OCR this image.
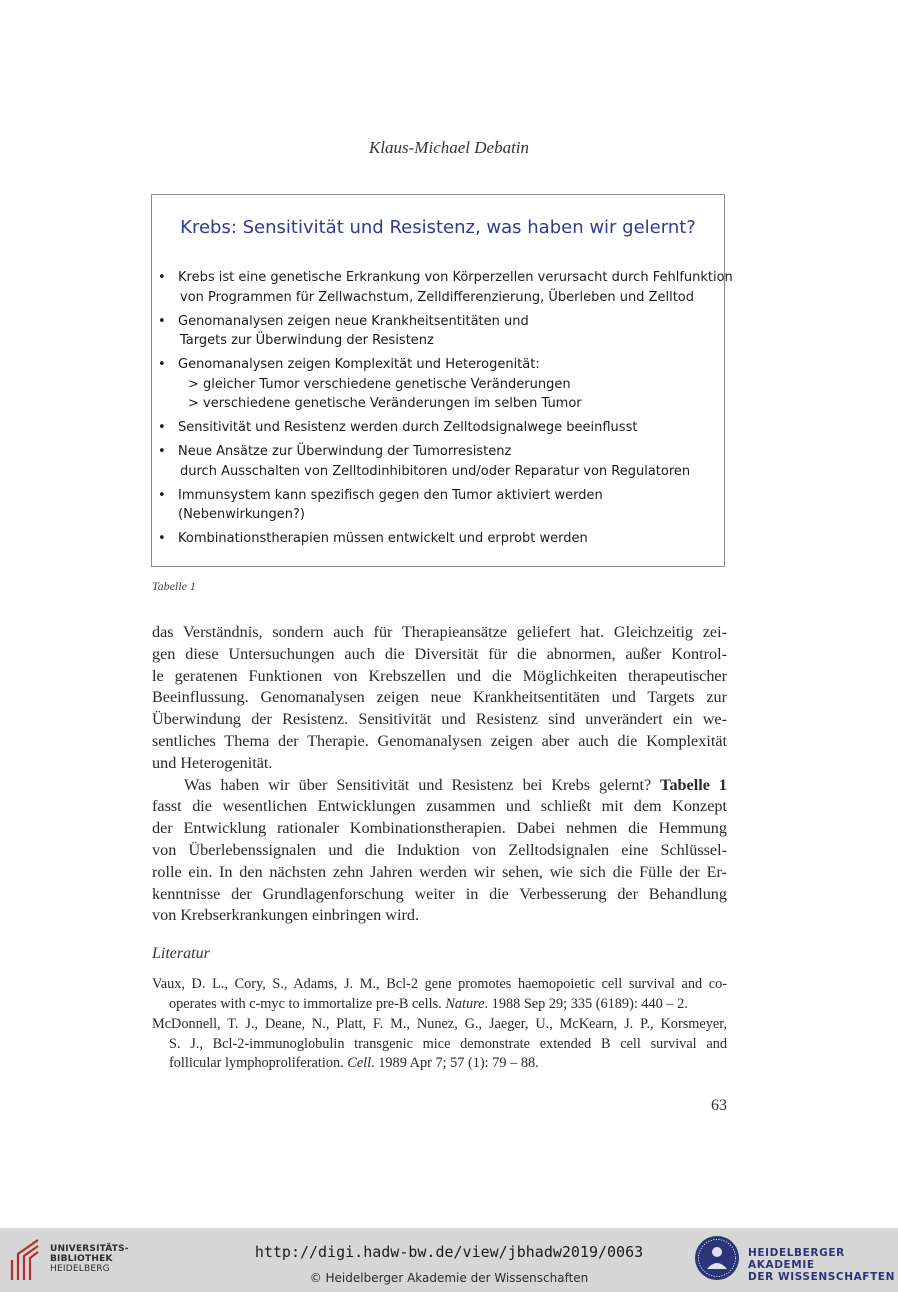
Klaus-Michael Debatin
Krebs: Sensitivität und Resistenz, was haben wir gelernt?
• Krebs ist eine genetische Erkrankung von Körperzellen verursacht durch Fehlfunktion
von Programmen für Zellwachstum, Zelldifferenzierung, Überleben und Zelltod
• Genomanalysen zeigen neue Krankheitsentitäten und
Targets zur Überwindung der Resistenz
• Genomanalysen zeigen Komplexität und Heterogenität:
> gleicher Tumor verschiedene genetische Veränderungen
> verschiedene genetische Veränderungen im selben Tumor
• Sensitivität und Resistenz werden durch Zelltodsignalwege beeinflusst
• Neue Ansätze zur Überwindung der Tumorresistenz
durch Ausschalten von Zelltodinhibitoren und/oder Reparatur von Regulatoren
• Immunsystem kann spezifisch gegen den Tumor aktiviert werden
(Nebenwirkungen?)
• Kombinationstherapien müssen entwickelt und erprobt werden
Tabelle 1
das Verständnis, sondern auch für Therapieansätze geliefert hat. Gleichzeitig zei-
gen diese Untersuchungen auch die Diversität für die abnormen, außer Kontrol-
le geratenen Funktionen von Krebszellen und die Möglichkeiten therapeutischer
Beeinflussung. Genomanalysen zeigen neue Krankheitsentitäten und Targets zur
Überwindung der Resistenz. Sensitivität und Resistenz sind unverändert ein we-
sentliches Thema der Therapie. Genomanalysen zeigen aber auch die Komplexität
und Heterogenität.
Was haben wir über Sensitivität und Resistenz bei Krebs gelernt? Tabelle 1
fasst die wesentlichen Entwicklungen zusammen und schließt mit dem Konzept
der Entwicklung rationaler Kombinationstherapien. Dabei nehmen die Hemmung
von Überlebenssignalen und die Induktion von Zelltodsignalen eine Schlüssel-
rolle ein. In den nächsten zehn Jahren werden wir sehen, wie sich die Fülle der Er-
kenntnisse der Grundlagenforschung weiter in die Verbesserung der Behandlung
von Krebserkrankungen einbringen wird.
Literatur
Vaux, D. L., Cory, S., Adams, J. M., Bcl-2 gene promotes haemopoietic cell survival and co-
operates with c-myc to immortalize pre-B cells. Nature. 1988 Sep 29; 335 (6189): 440 – 2.
McDonnell, T. J., Deane, N., Platt, F. M., Nunez, G., Jaeger, U., McKearn, J. P., Korsmeyer,
S. J., Bcl-2-immunoglobulin transgenic mice demonstrate extended B cell survival and
follicular lymphoproliferation. Cell. 1989 Apr 7; 57 (1): 79 – 88.
63
UNIVERSITÄTS-
BIBLIOTHEK
HEIDELBERG
http://digi.hadw-bw.de/view/jbhadw2019/0063
© Heidelberger Akademie der Wissenschaften
HEIDELBERGER AKADEMIE
DER WISSENSCHAFTEN
